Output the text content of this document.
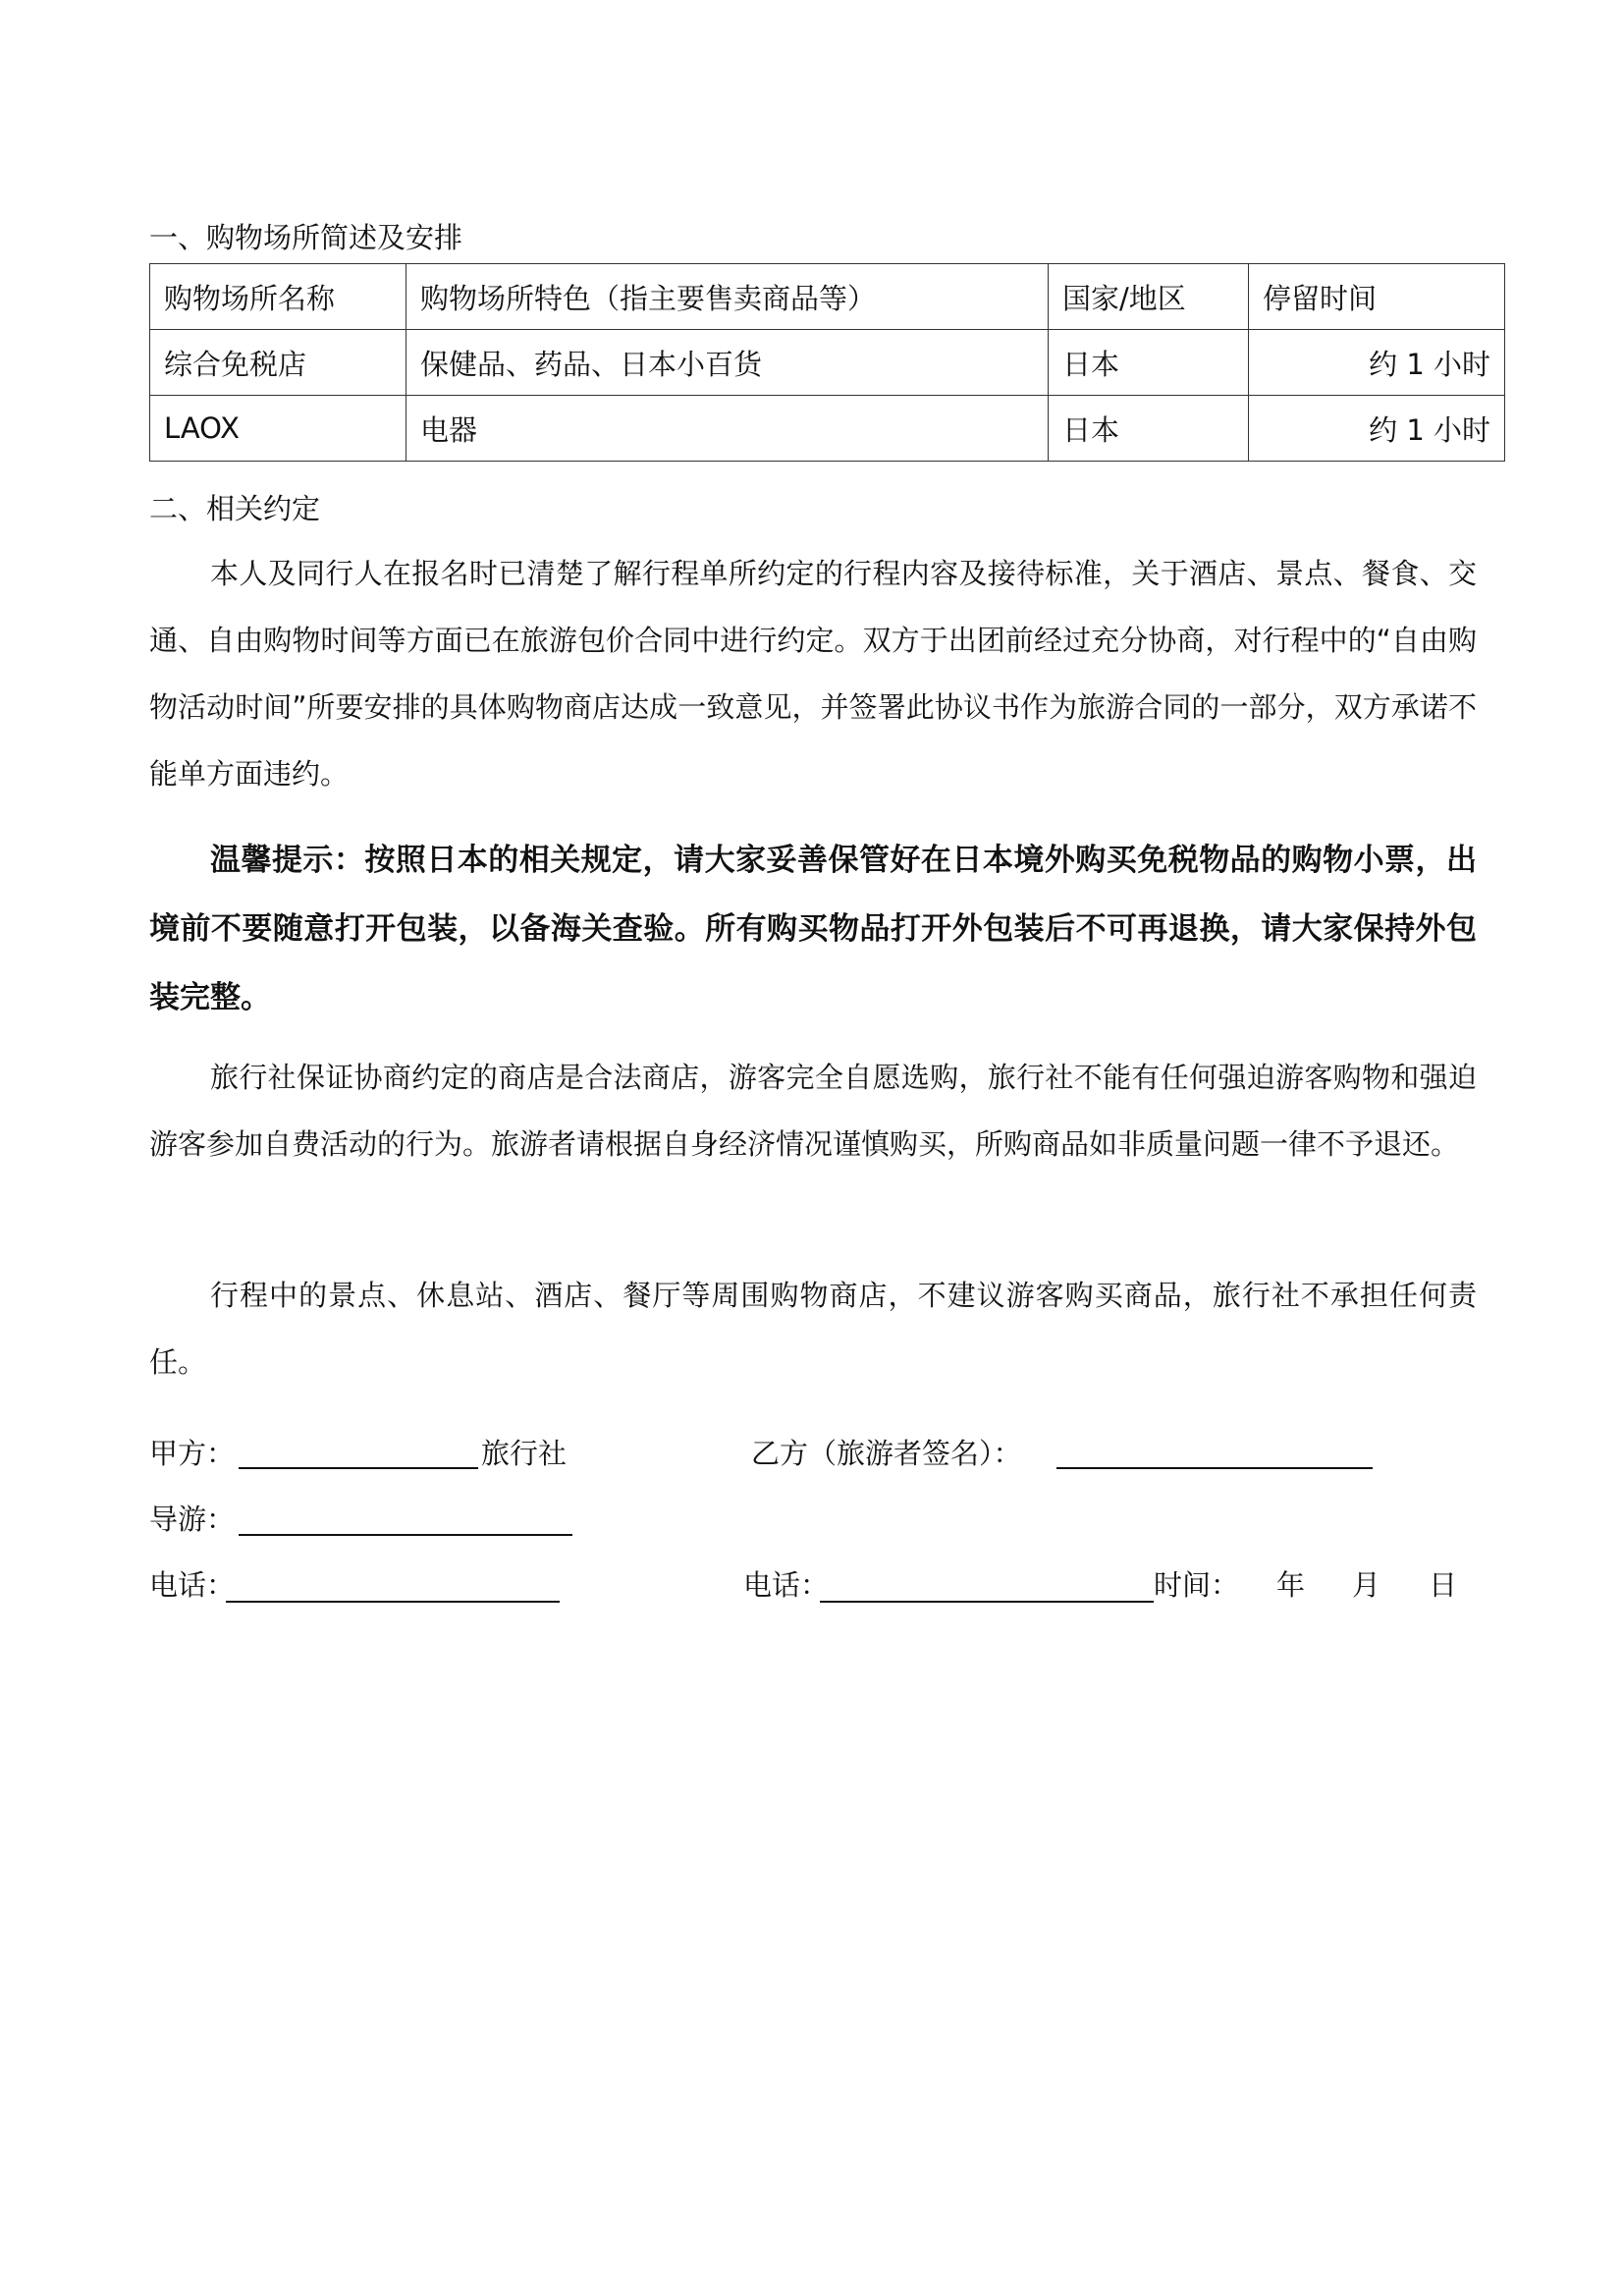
一、购物场所简述及安排
购物场所名称	购物场所特色（指主要售卖商品等）	国家/地区	停留时间
综合免税店	保健品、药品、日本小百货	日本	约 1 小时
LAOX	电器	日本	约 1 小时
二、相关约定

本人及同行人在报名时已清楚了解行程单所约定的行程内容及接待标准，关于酒店、景点、餐食、交通、自由购物时间等方面已在旅游包价合同中进行约定。双方于出团前经过充分协商，对行程中的“自由购物活动时间”所要安排的具体购物商店达成一致意见，并签署此协议书作为旅游合同的一部分，双方承诺不能单方面违约。

温馨提示：按照日本的相关规定，请大家妥善保管好在日本境外购买免税物品的购物小票，出境前不要随意打开包装，以备海关查验。所有购买物品打开外包装后不可再退换，请大家保持外包装完整。

旅行社保证协商约定的商店是合法商店，游客完全自愿选购，旅行社不能有任何强迫游客购物和强迫游客参加自费活动的行为。旅游者请根据自身经济情况谨慎购买，所购商品如非质量问题一律不予退还。

行程中的景点、休息站、酒店、餐厅等周围购物商店，不建议游客购买商品，旅行社不承担任何责任。

甲方：	旅行社	乙方（旅游者签名）：
导游：
电话：	电话：	时间： 年 月 日
